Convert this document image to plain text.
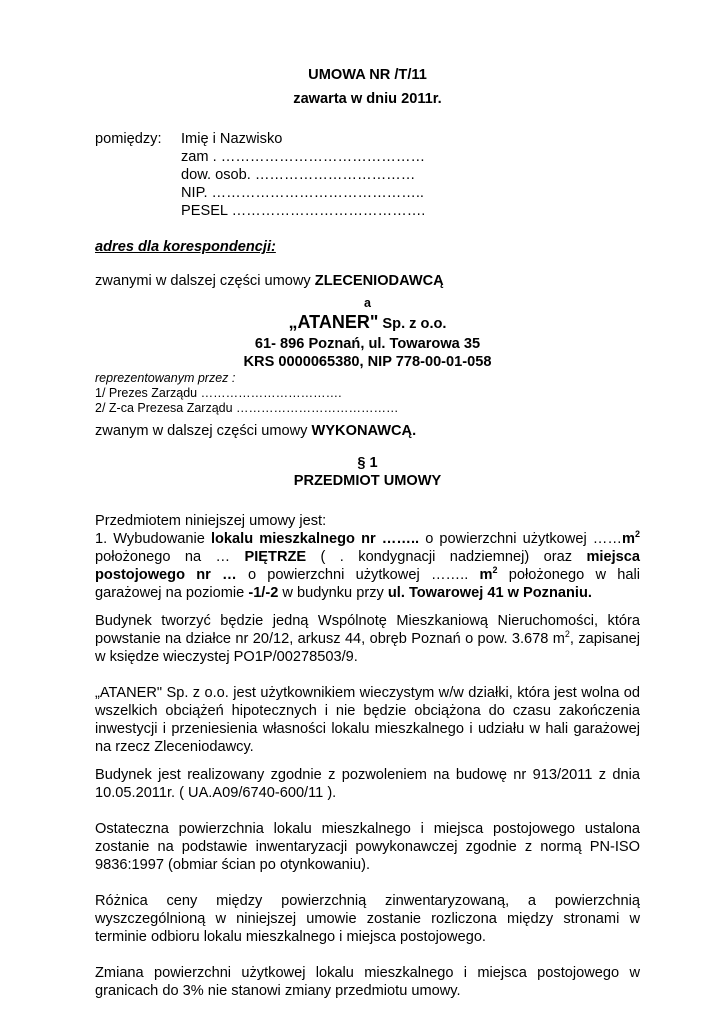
UMOWA NR /T/11

zawarta w dniu 2011r.

pomiędzy: Imię i Nazwisko
zam . ……………………………………
dow. osob. ……………………………
NIP. ……………………………………..
PESEL ………………………………….

adres dla korespondencji:

zwanymi w dalszej części umowy ZLECENIODAWCĄ

a

„ATANER" Sp. z o.o.

61- 896 Poznań, ul. Towarowa 35

KRS 0000065380, NIP 778-00-01-058

reprezentowanym przez :

1/ Prezes Zarządu …………………………….

2/ Z-ca Prezesa Zarządu …………………………………

zwanym w dalszej części umowy WYKONAWCĄ.

§ 1

PRZEDMIOT UMOWY

Przedmiotem niniejszej umowy jest:

1. Wybudowanie lokalu mieszkalnego nr …….. o powierzchni użytkowej $\dots\dots m^2$

położonego na … PIĘTRZE ( . kondygnacji nadziemnej) oraz miejsca

postojowego nr … o powierzchni użytkowej …….. $m^2$ położonego w hali

garażowej na poziomie -1/-2 w budynku przy ul. Towarowej 41 w Poznaniu.

Budynek tworzyć będzie jedną Wspólnotę Mieszkaniową Nieruchomości, która powstanie na działce nr 20/12, arkusz 44, obręb Poznań o pow. 3.678 $m^2$, zapisanej w księdze wieczystej PO1P/00278503/9.

„ATANER" Sp. z o.o. jest użytkownikiem wieczystym w/w działki, która jest wolna od wszelkich obciążeń hipotecznych i nie będzie obciążona do czasu zakończenia inwestycji i przeniesienia własności lokalu mieszkalnego i udziału w hali garażowej na rzecz Zleceniodawcy.

Budynek jest realizowany zgodnie z pozwoleniem na budowę nr 913/2011 z dnia 10.05.2011r. ( UA.A09/6740-600/11 ).

Ostateczna powierzchnia lokalu mieszkalnego i miejsca postojowego ustalona zostanie na podstawie inwentaryzacji powykonawczej zgodnie z normą PN-ISO 9836:1997 (obmiar ścian po otynkowaniu).

Różnica ceny między powierzchnią zinwentaryzowaną, a powierzchnią wyszczególnioną w niniejszej umowie zostanie rozliczona między stronami w terminie odbioru lokalu mieszkalnego i miejsca postojowego.

Zmiana powierzchni użytkowej lokalu mieszkalnego i miejsca postojowego w granicach do 3% nie stanowi zmiany przedmiotu umowy.
